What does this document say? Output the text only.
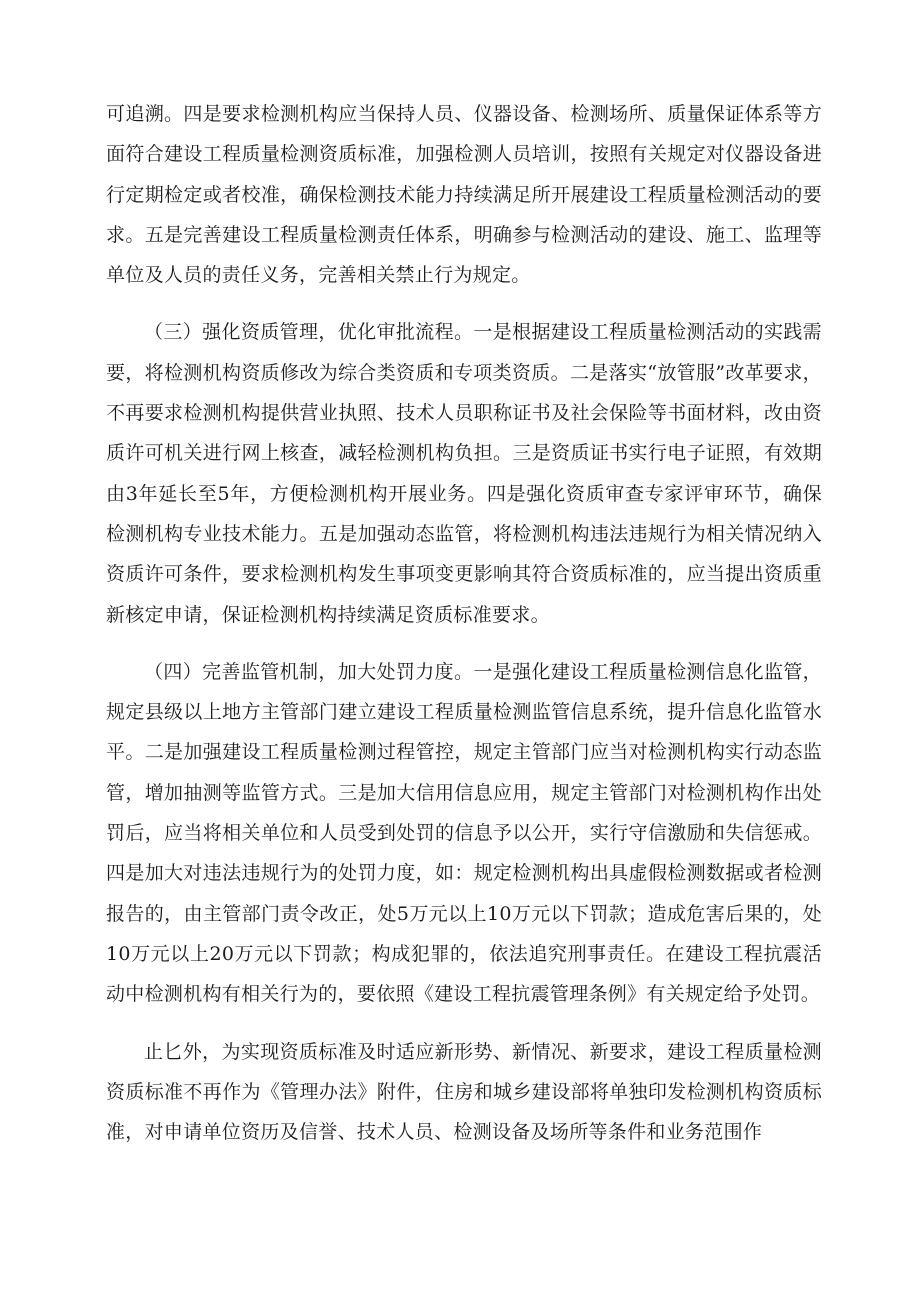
可追溯。四是要求检测机构应当保持人员、仪器设备、检测场所、质量保证体系等方面符合建设工程质量检测资质标准，加强检测人员培训，按照有关规定对仪器设备进行定期检定或者校准，确保检测技术能力持续满足所开展建设工程质量检测活动的要求。五是完善建设工程质量检测责任体系，明确参与检测活动的建设、施工、监理等单位及人员的责任义务，完善相关禁止行为规定。

（三）强化资质管理，优化审批流程。一是根据建设工程质量检测活动的实践需要，将检测机构资质修改为综合类资质和专项类资质。二是落实“放管服”改革要求，不再要求检测机构提供营业执照、技术人员职称证书及社会保险等书面材料，改由资质许可机关进行网上核查，减轻检测机构负担。三是资质证书实行电子证照，有效期由3年延长至5年，方便检测机构开展业务。四是强化资质审查专家评审环节，确保检测机构专业技术能力。五是加强动态监管，将检测机构违法违规行为相关情况纳入资质许可条件，要求检测机构发生事项变更影响其符合资质标准的，应当提出资质重新核定申请，保证检测机构持续满足资质标准要求。

（四）完善监管机制，加大处罚力度。一是强化建设工程质量检测信息化监管，规定县级以上地方主管部门建立建设工程质量检测监管信息系统，提升信息化监管水平。二是加强建设工程质量检测过程管控，规定主管部门应当对检测机构实行动态监管，增加抽测等监管方式。三是加大信用信息应用，规定主管部门对检测机构作出处罚后，应当将相关单位和人员受到处罚的信息予以公开，实行守信激励和失信惩戒。四是加大对违法违规行为的处罚力度，如：规定检测机构出具虚假检测数据或者检测报告的，由主管部门责令改正，处5万元以上10万元以下罚款；造成危害后果的，处10万元以上20万元以下罚款；构成犯罪的，依法追究刑事责任。在建设工程抗震活动中检测机构有相关行为的，要依照《建设工程抗震管理条例》有关规定给予处罚。

止匕外，为实现资质标准及时适应新形势、新情况、新要求，建设工程质量检测资质标准不再作为《管理办法》附件，住房和城乡建设部将单独印发检测机构资质标准，对申请单位资历及信誉、技术人员、检测设备及场所等条件和业务范围作
